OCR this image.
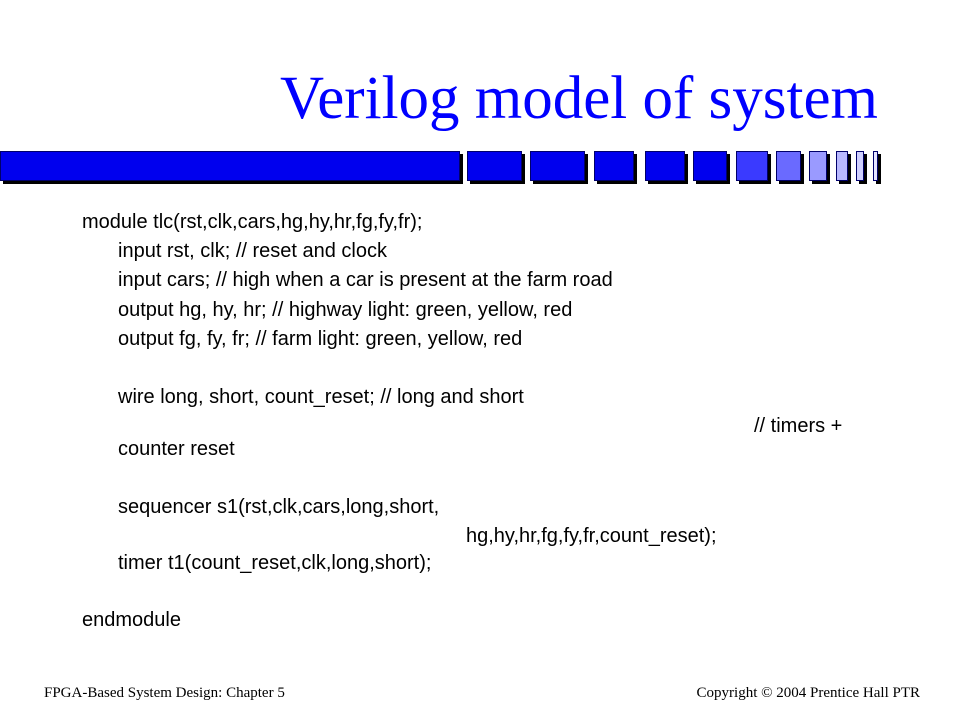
Verilog model of system
module tlc(rst,clk,cars,hg,hy,hr,fg,fy,fr);
input rst, clk; // reset and clock
input cars; // high when a car is present at the farm road
output hg, hy, hr; // highway light: green, yellow, red
output fg, fy, fr; // farm light: green, yellow, red
wire long, short, count_reset; // long and short
// timers +
counter reset
sequencer s1(rst,clk,cars,long,short,
hg,hy,hr,fg,fy,fr,count_reset);
timer t1(count_reset,clk,long,short);
endmodule
FPGA-Based System Design: Chapter 5	Copyright © 2004 Prentice Hall PTR
